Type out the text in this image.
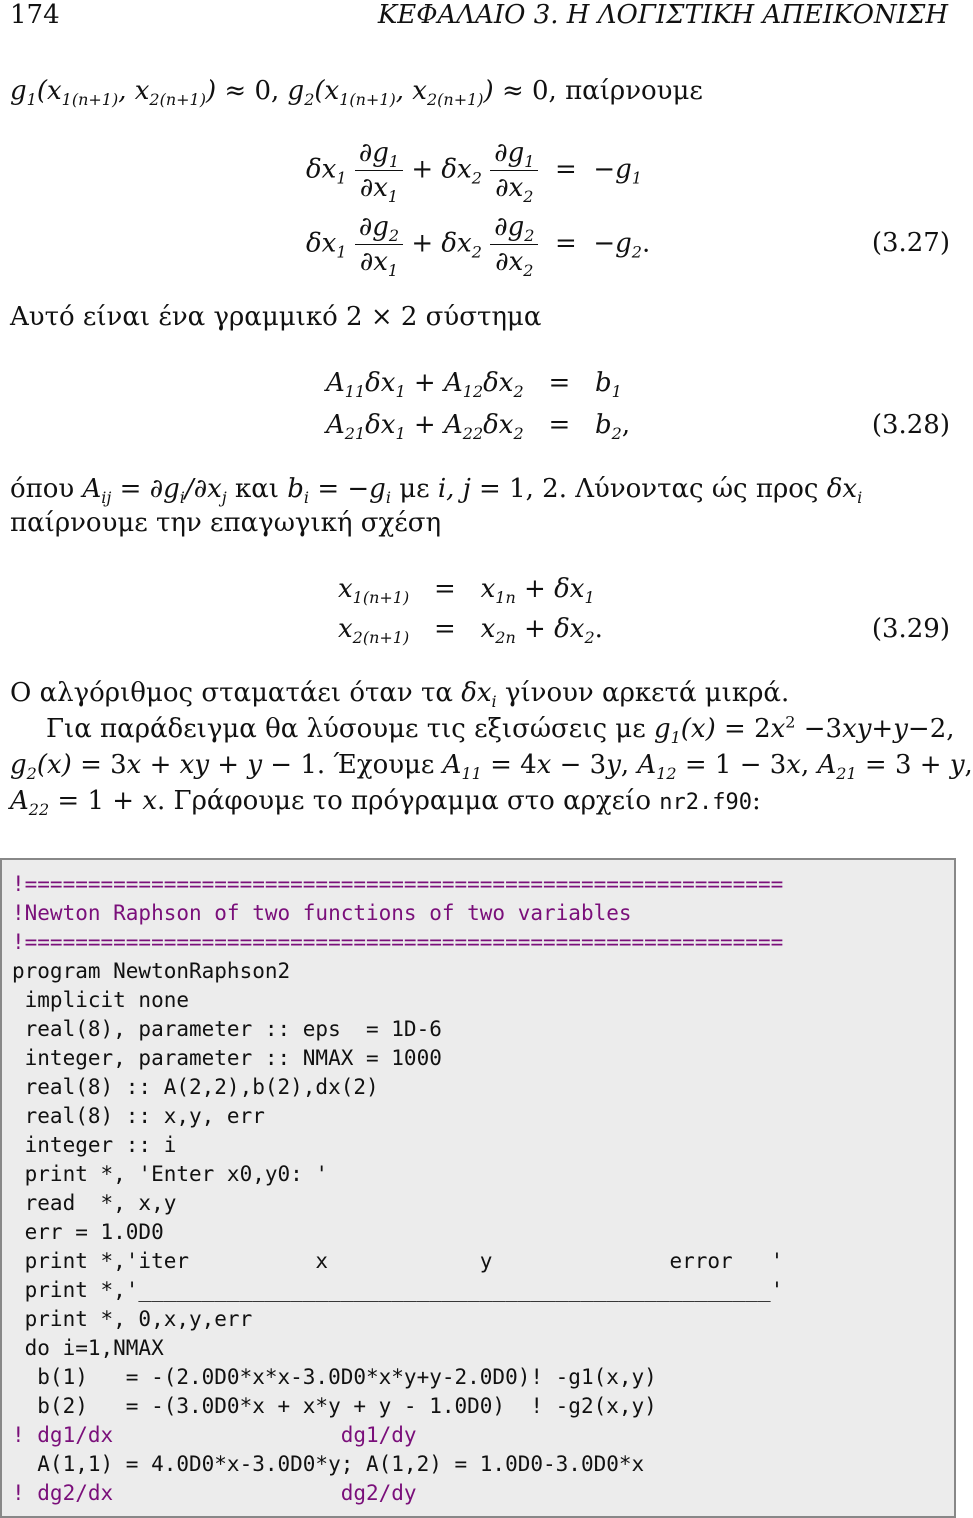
174	ΚΕΦΑΛΑΙΟ 3. Η ΛΟΓΙΣΤΙΚΗ ΑΠΕΙΚΟΝΙΣΗ
$g_1(x_{1(n+1)}$, $x_{2(n+1)}) \approx 0$, $g_2(x_{1(n+1)}$, $x_{2(n+1)}) \approx 0$, παίρνουμε
$\delta x_1 \frac{\partial g_1}{\partial x_1} + \delta x_2 \frac{\partial g_1}{\partial x_2} = -g_1$
$\delta x_1 \frac{\partial g_2}{\partial x_1} + \delta x_2 \frac{\partial g_2}{\partial x_2} = -g_2$.	(3.27)
Αυτό είναι ένα γραμμικό 2 × 2 σύστημα
$A_{11}\delta x_1 + A_{12}\delta x_2 = b_1$
$A_{21}\delta x_1 + A_{22}\delta x_2 = b_2$,	(3.28)
όπου $A_{ij} = \partial g_i/\partial x_j$ και $b_i = -g_i$ με i, j = 1, 2. Λύνοντας ώς προς $\delta x_i$
παίρνουμε την επαγωγική σχέση
$x_{1(n+1)} = x_{1n} + \delta x_1$
$x_{2(n+1)} = x_{2n} + \delta x_2$.	(3.29)
Ο αλγόριθμος σταματάει όταν τα $\delta x_i$ γίνουν αρκετά μικρά.
Για παράδειγμα θα λύσουμε τις εξισώσεις με $g_1(x) = 2x^2 -3xy+y-2$,
$g_2(x) = 3x$ + xy + y − 1. Έχουμε $A_{11} = 4x - 3y$, $A_{12} = 1 - 3x$, $A_{21} = 3 + y$,
$A_{22} = 1 + x$. Γράφουμε το πρόγραμμα στο αρχείο nr2.f90:
!============================================================
!Newton Raphson of two functions of two variables
!============================================================
program NewtonRaphson2
implicit none
real(8), parameter :: eps  = 1D-6
integer, parameter :: NMAX = 1000
real(8) :: A(2,2),b(2),dx(2)
real(8) :: x,y, err
integer :: i
print *, 'Enter x0,y0: '
read  *, x,y
err = 1.0D0
print *,'iter          x            y              error   '
print *,'__________________________________________________'
print *, 0,x,y,err
do i=1,NMAX
b(1)   = -(2.0D0*x*x-3.0D0*x*y+y-2.0D0)! -g1(x,y)
b(2)   = -(3.0D0*x + x*y + y - 1.0D0)  ! -g2(x,y)
! dg1/dx                  dg1/dy
A(1,1) = 4.0D0*x-3.0D0*y; A(1,2) = 1.0D0-3.0D0*x
! dg2/dx                  dg2/dy
